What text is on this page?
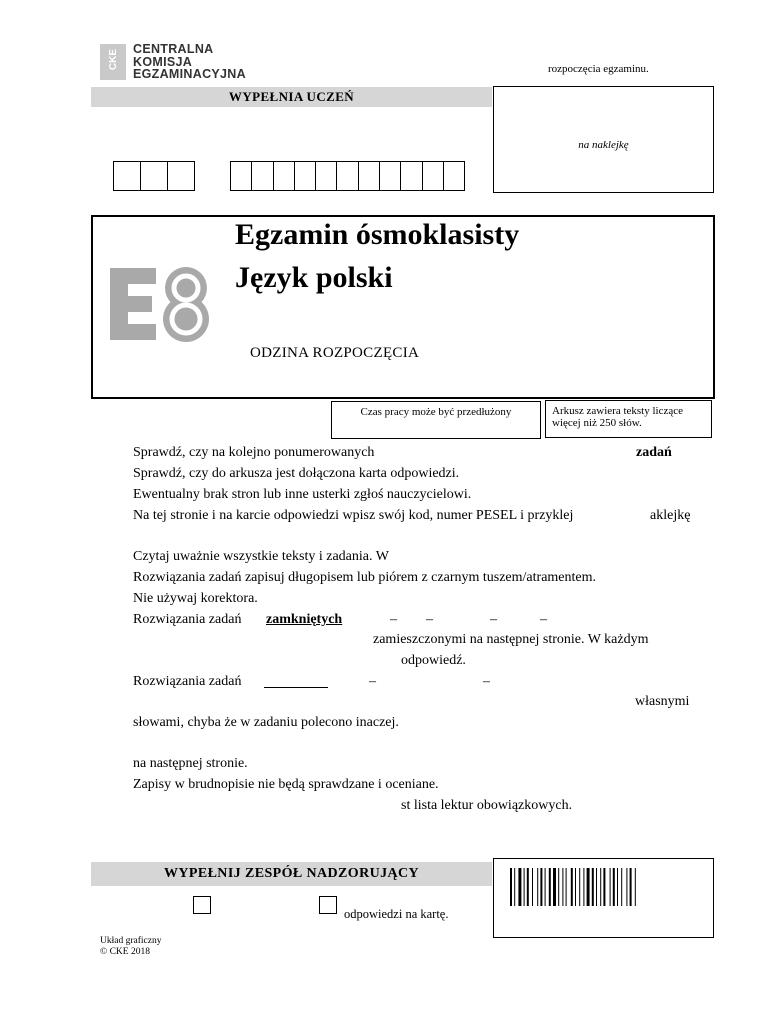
CKE CENTRALNA
KOMISJA
EGZAMINACYJNA	rozpoczęcia egzaminu.
WYPEŁNIA UCZEŃ
na naklejkę
Egzamin ósmoklasisty
Język polski
ODZINA ROZPOCZĘCIA
Czas pracy może być przedłużony	Arkusz zawiera teksty liczące więcej niż 250 słów.
Sprawdź, czy na kolejno ponumerowanych	zadań
Sprawdź, czy do arkusza jest dołączona karta odpowiedzi.
Ewentualny brak stron lub inne usterki zgłoś nauczycielowi.
Na tej stronie i na karcie odpowiedzi wpisz swój kod, numer PESEL i przyklej	aklejkę
Czytaj uważnie wszystkie teksty i zadania. W
Rozwiązania zadań zapisuj długopisem lub piórem z czarnym tuszem/atramentem.
Nie używaj korektora.
Rozwiązania zadań zamkniętych	– –	–	–
zamieszczonymi na następnej stronie. W każdym
odpowiedź.
Rozwiązania zadań	–	–
własnymi
słowami, chyba że w zadaniu polecono inaczej.
na następnej stronie.
Zapisy w brudnopisie nie będą sprawdzane i oceniane.
st lista lektur obowiązkowych.
WYPEŁNIJ ZESPÓŁ NADZORUJĄCY
odpowiedzi na kartę.
Układ graficzny
© CKE 2018
